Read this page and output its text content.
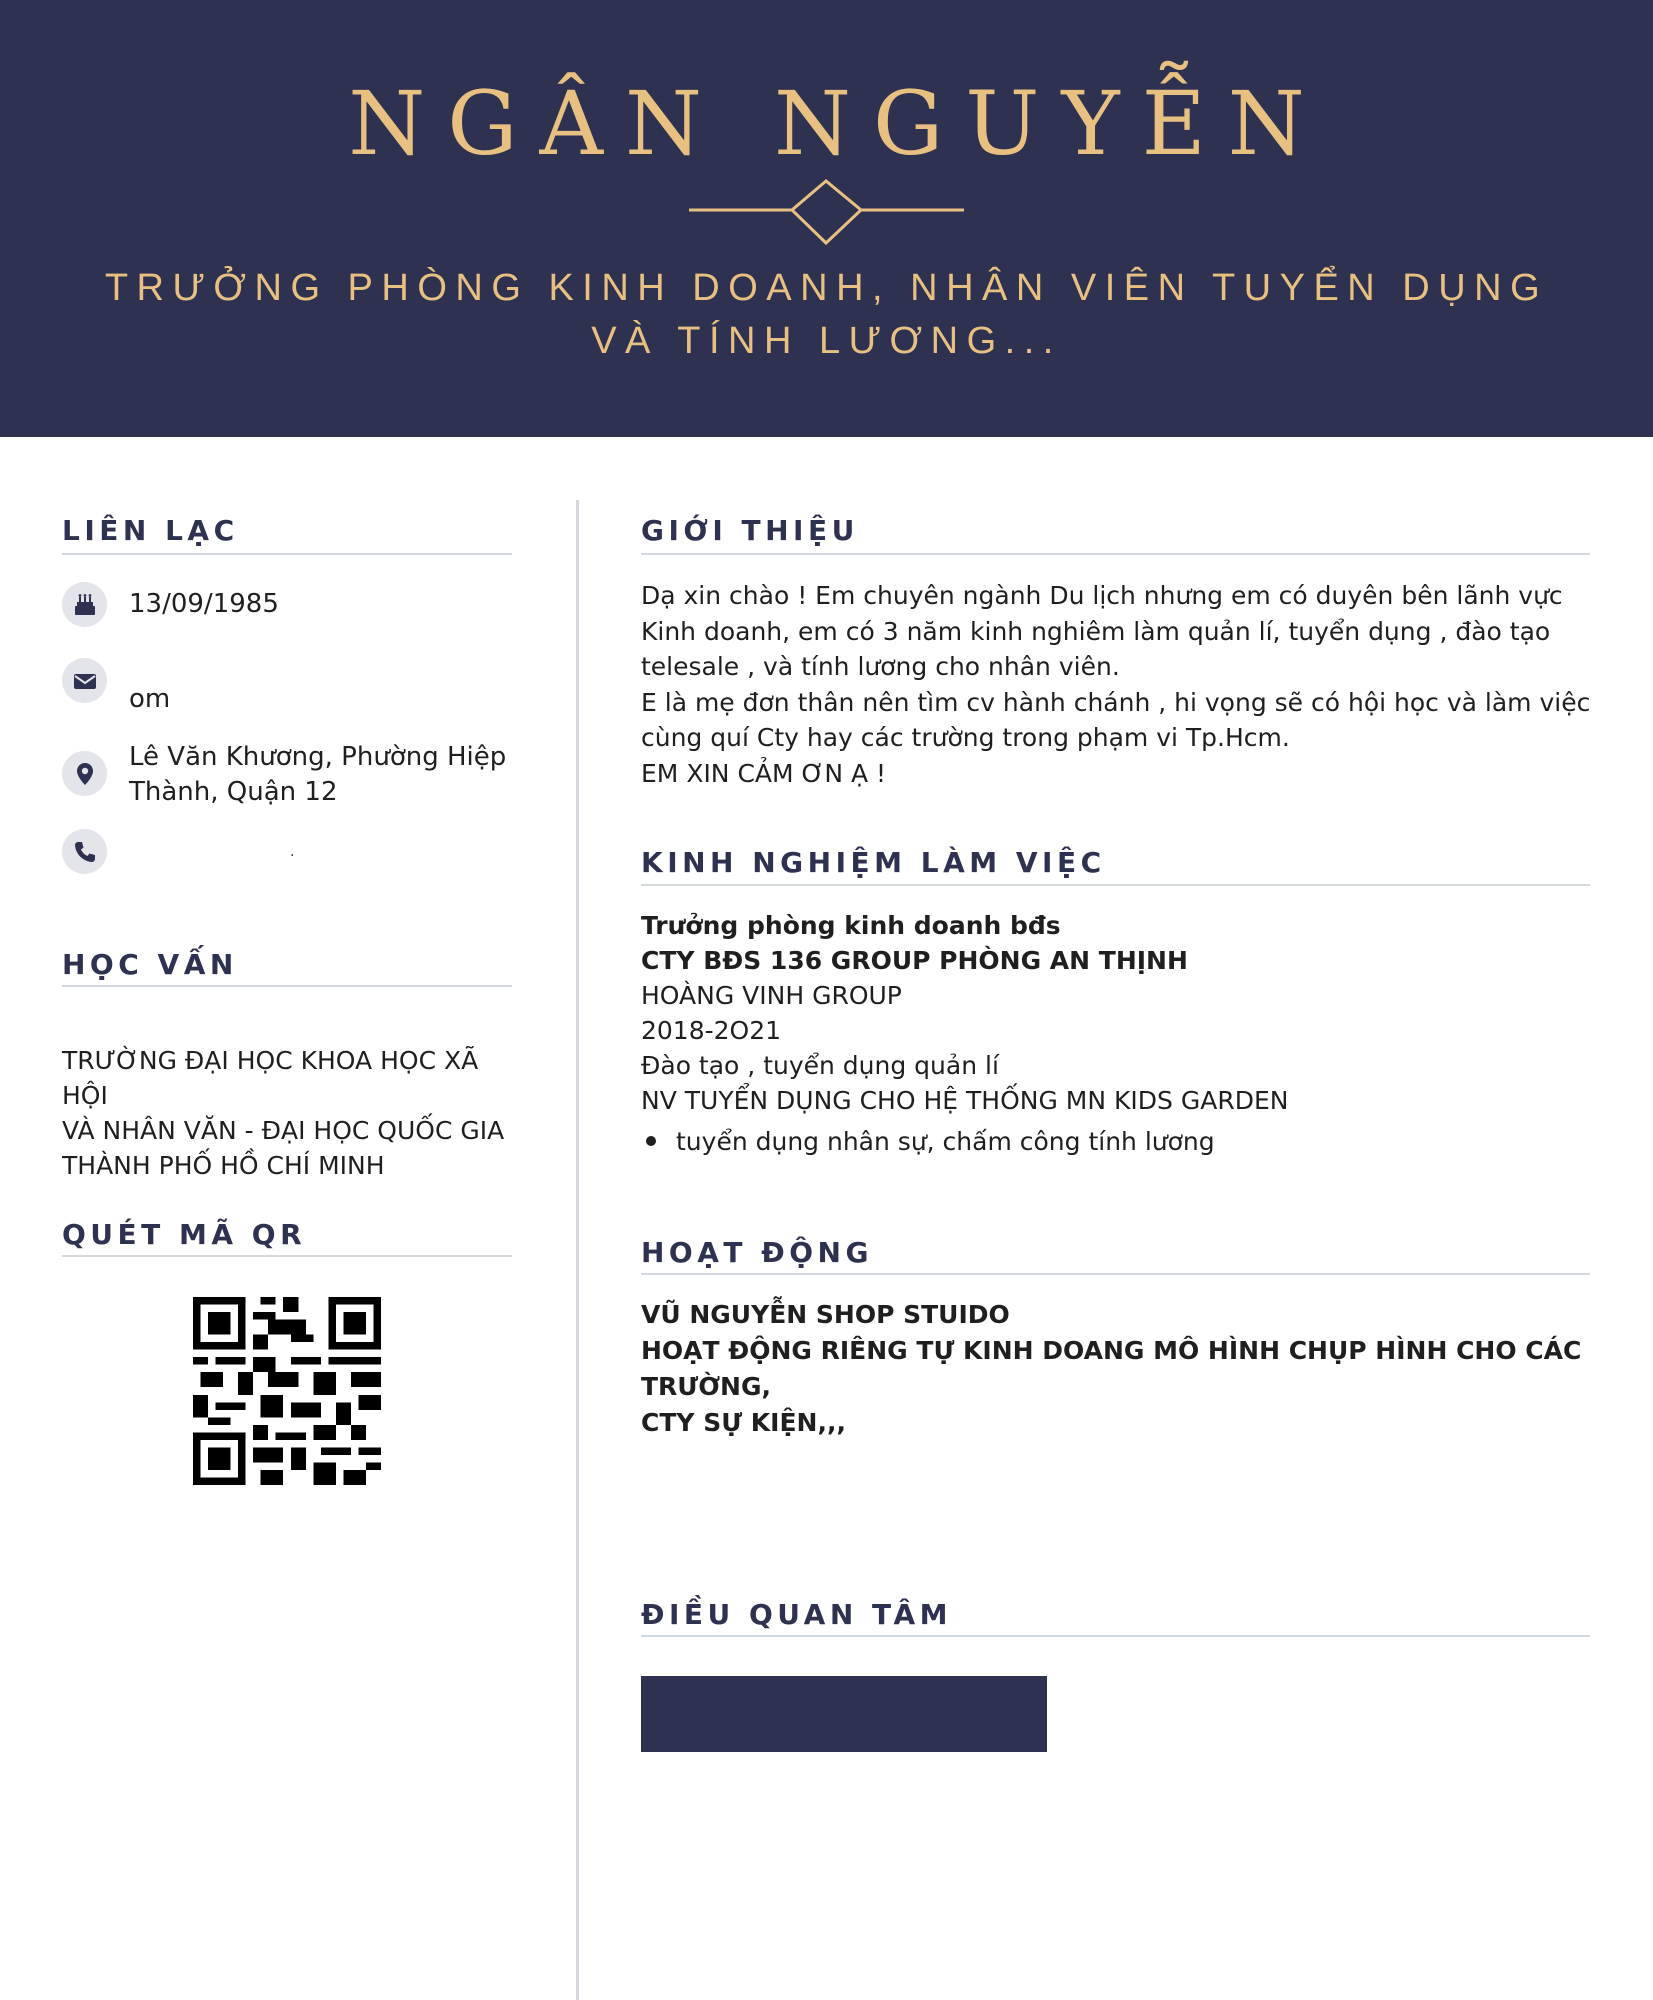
NGÂN NGUYỄN
TRƯỞNG PHÒNG KINH DOANH, NHÂN VIÊN TUYỂN DỤNG
VÀ TÍNH LƯƠNG...
LIÊN LẠC
13/09/1985
om
Lê Văn Khương, Phường Hiệp
Thành, Quận 12
.
HỌC VẤN
TRƯỜNG ĐẠI HỌC KHOA HỌC XÃ HỘI
VÀ NHÂN VĂN - ĐẠI HỌC QUỐC GIA
THÀNH PHỐ HỒ CHÍ MINH
QUÉT MÃ QR
GIỚI THIỆU
Dạ xin chào ! Em chuyên ngành Du lịch nhưng em có duyên bên lãnh vực
Kinh doanh, em có 3 năm kinh nghiêm làm quản lí, tuyển dụng , đào tạo
telesale , và tính lương cho nhân viên.
E là mẹ đơn thân nên tìm cv hành chánh , hi vọng sẽ có hội học và làm việc
cùng quí Cty hay các trường trong phạm vi Tp.Hcm.
EM XIN CẢM ƠN Ạ !
KINH NGHIỆM LÀM VIỆC
Trưởng phòng kinh doanh bđs
CTY BĐS 136 GROUP PHÒNG AN THỊNH
HOÀNG VINH GROUP
2018-2O21
Đào tạo , tuyển dụng quản lí
NV TUYỂN DỤNG CHO HỆ THỐNG MN KIDS GARDEN
tuyển dụng nhân sự, chấm công tính lương
HOẠT ĐỘNG
VŨ NGUYỄN SHOP STUIDO
HOẠT ĐỘNG RIÊNG TỰ KINH DOANG MÔ HÌNH CHỤP HÌNH CHO CÁC TRƯỜNG,
CTY SỰ KIỆN,,,
ĐIỀU QUAN TÂM
